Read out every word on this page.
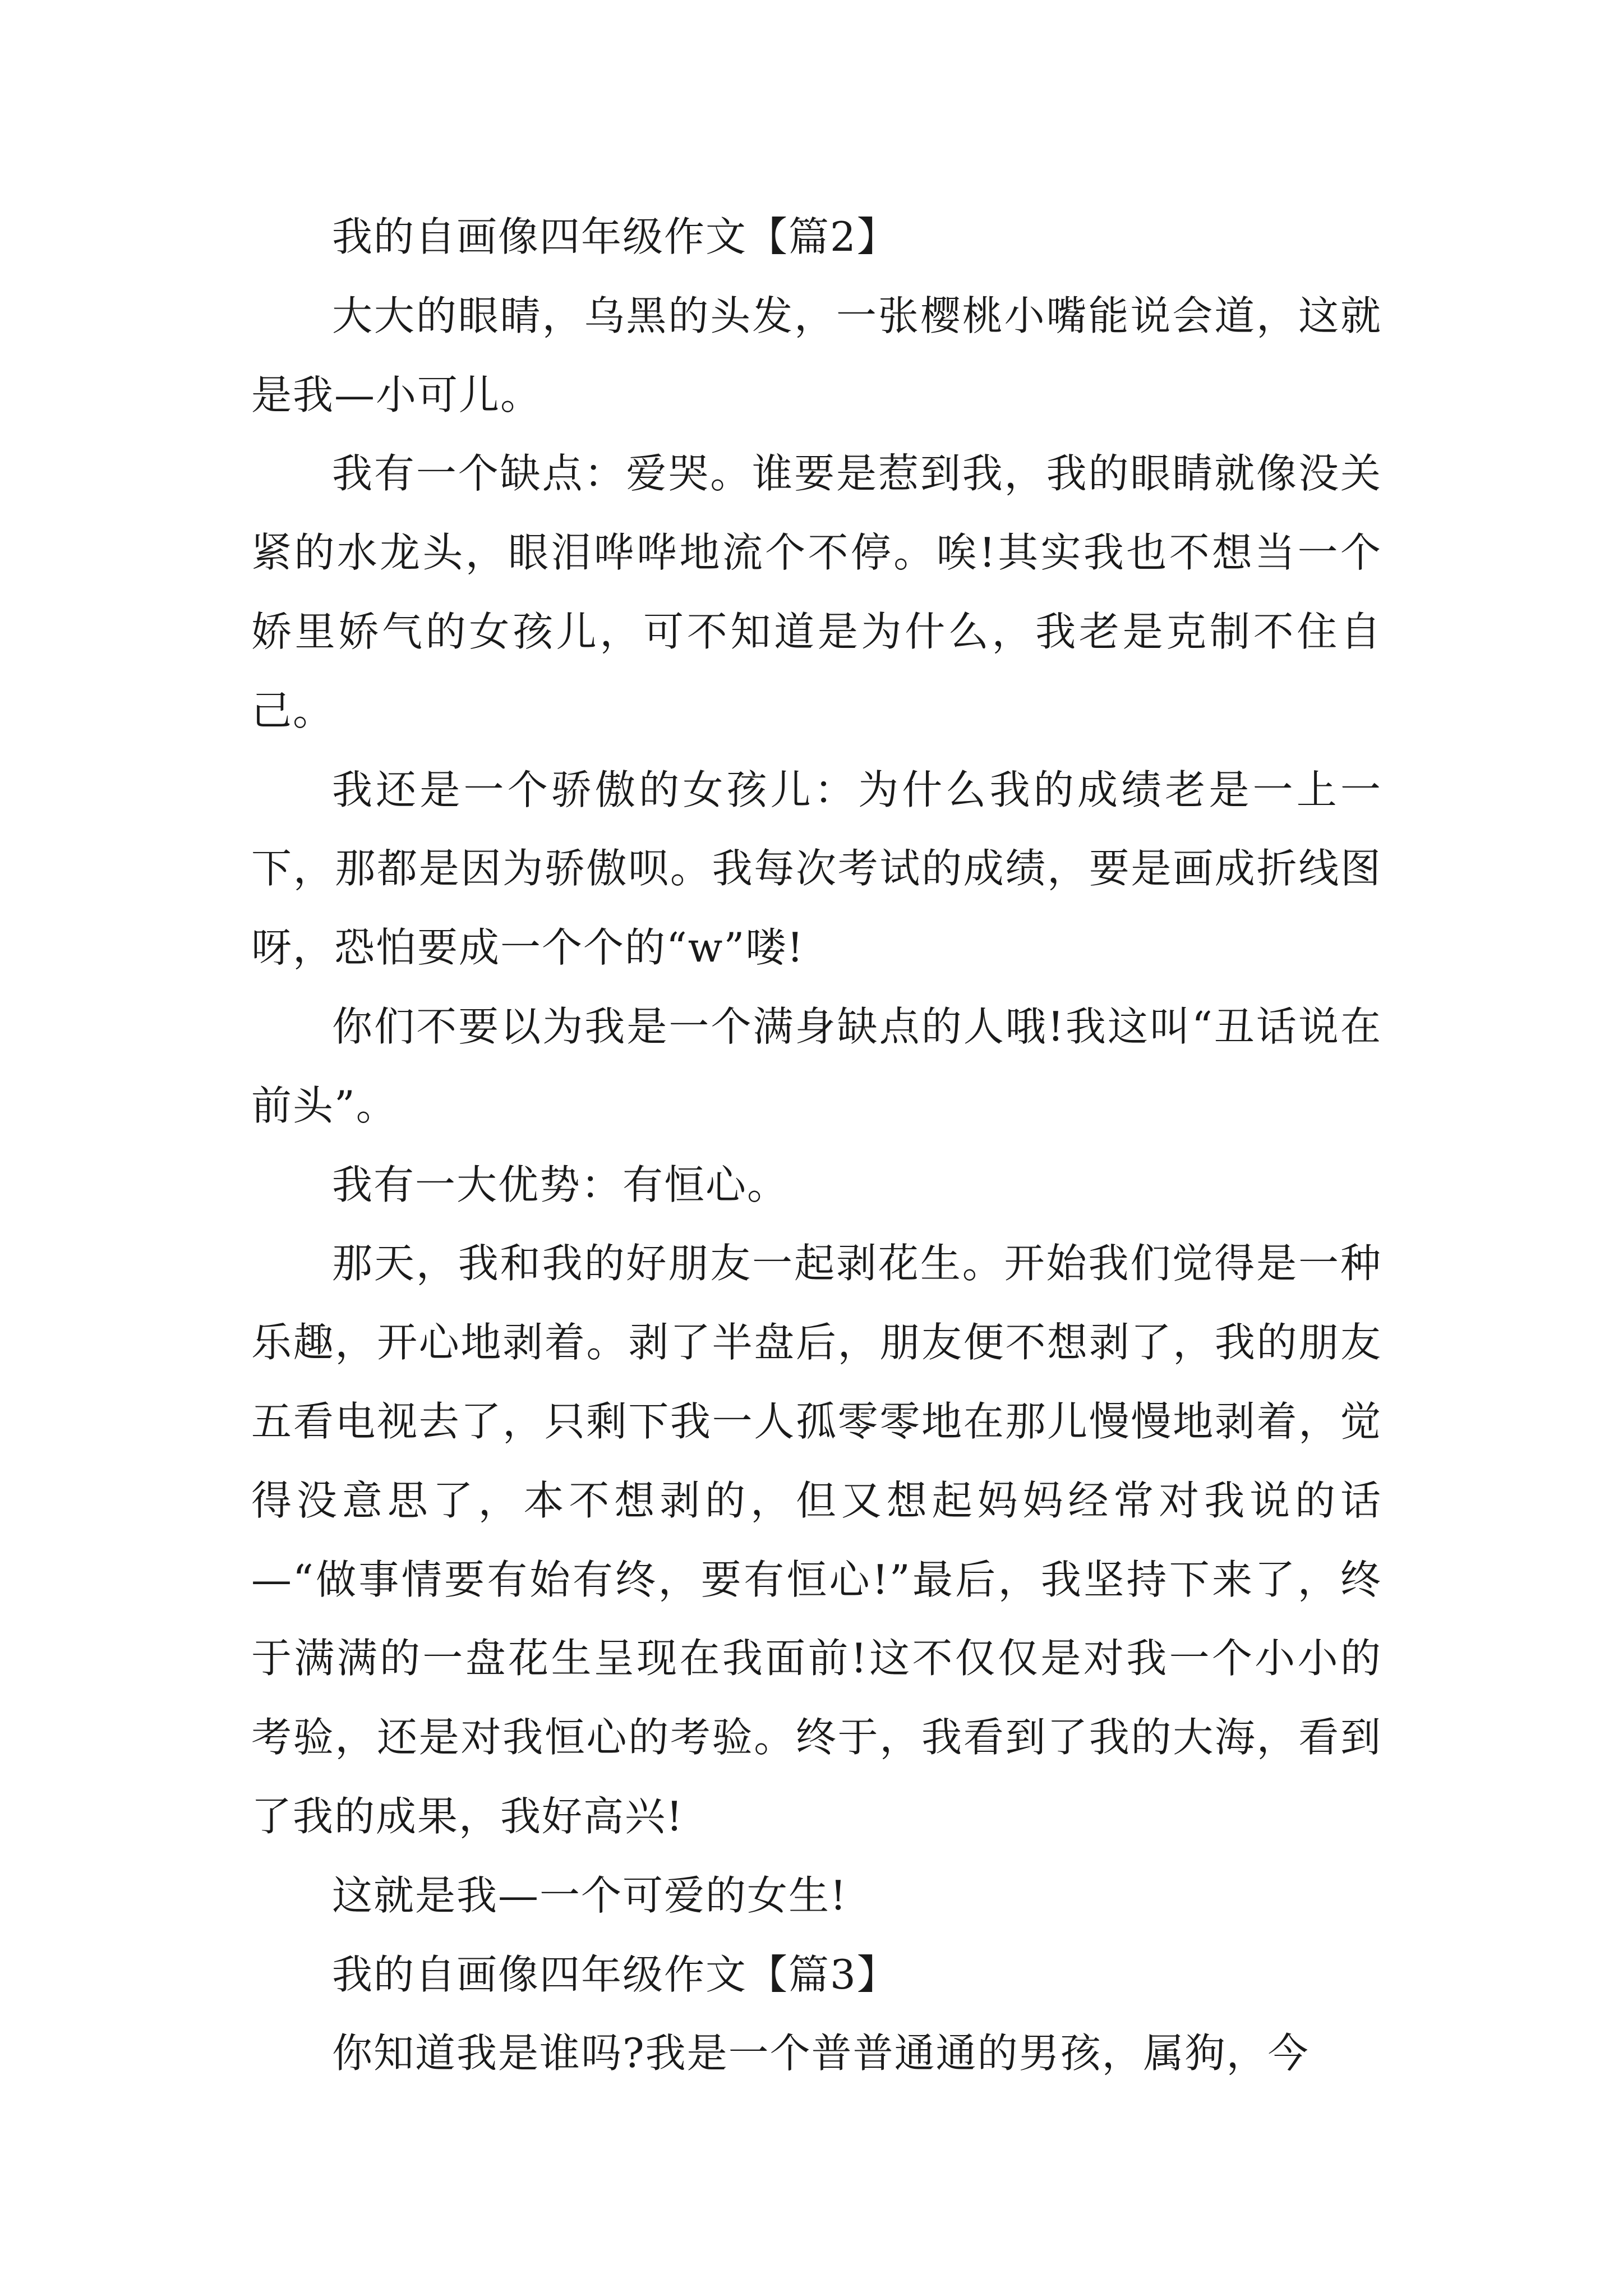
我的自画像四年级作文【篇2】

大大的眼睛，乌黑的头发，一张樱桃小嘴能说会道，这就是我—小可儿。

我有一个缺点：爱哭。谁要是惹到我，我的眼睛就像没关紧的水龙头，眼泪哗哗地流个不停。唉!其实我也不想当一个娇里娇气的女孩儿，可不知道是为什么，我老是克制不住自己。

我还是一个骄傲的女孩儿：为什么我的成绩老是一上一下，那都是因为骄傲呗。我每次考试的成绩，要是画成折线图呀，恐怕要成一个个的“w”喽!

你们不要以为我是一个满身缺点的人哦!我这叫“丑话说在前头”。

我有一大优势：有恒心。

那天，我和我的好朋友一起剥花生。开始我们觉得是一种乐趣，开心地剥着。剥了半盘后，朋友便不想剥了，我的朋友五看电视去了，只剩下我一人孤零零地在那儿慢慢地剥着，觉得没意思了，本不想剥的，但又想起妈妈经常对我说的话—“做事情要有始有终，要有恒心!”最后，我坚持下来了，终于满满的一盘花生呈现在我面前!这不仅仅是对我一个小小的考验，还是对我恒心的考验。终于，我看到了我的大海，看到了我的成果，我好高兴!

这就是我—一个可爱的女生!

我的自画像四年级作文【篇3】

你知道我是谁吗?我是一个普普通通的男孩，属狗，今
